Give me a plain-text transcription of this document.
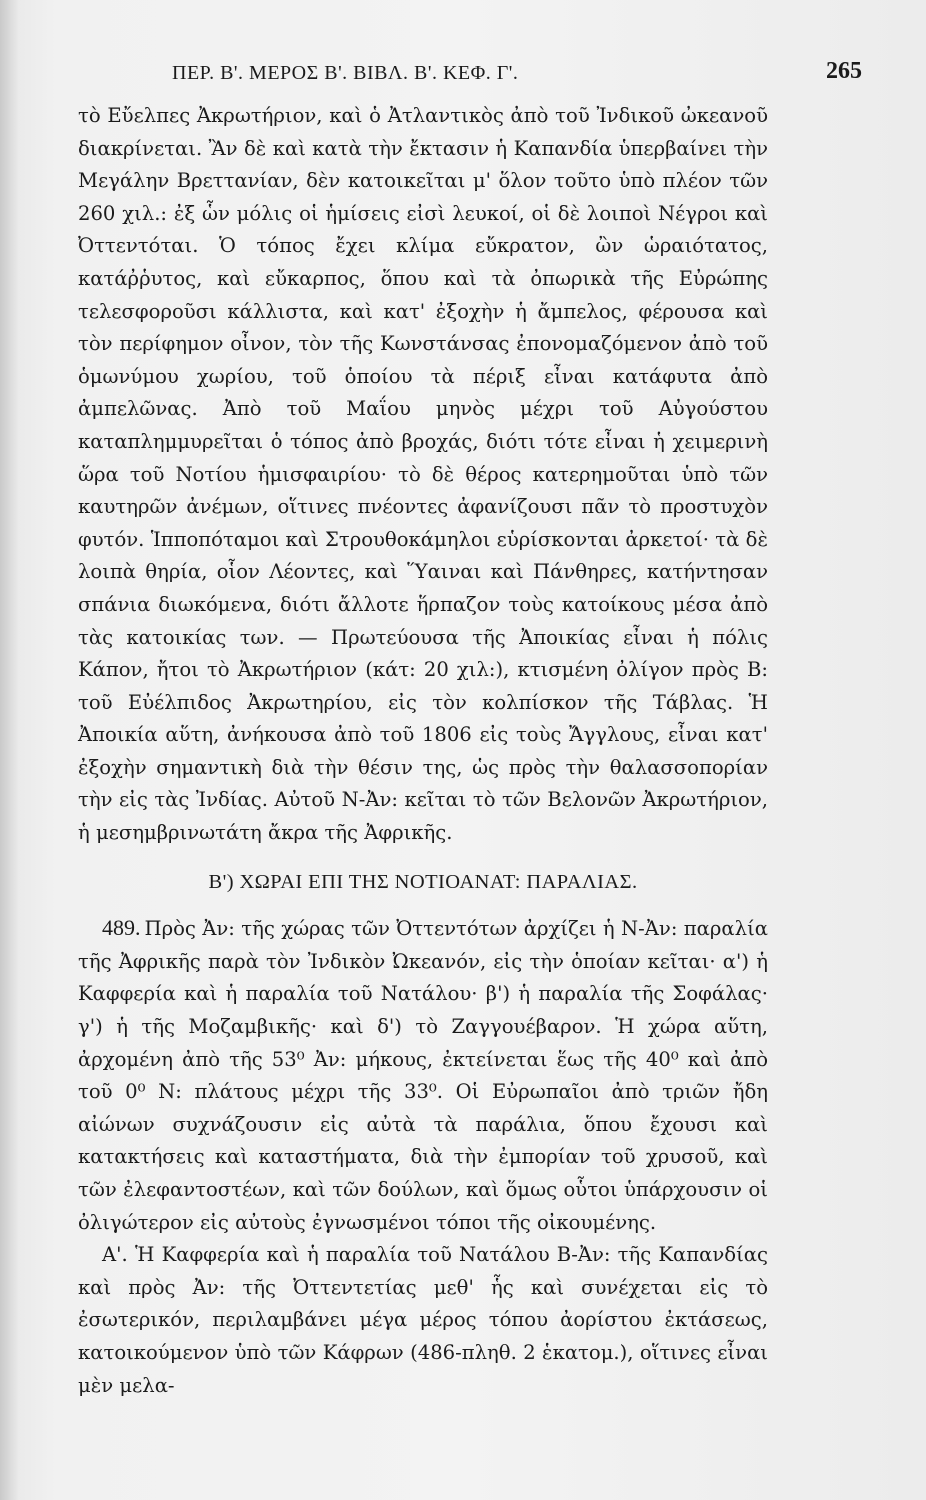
ΠΕΡ. Β'. ΜΕΡΟΣ Β'. ΒΙΒΛ. Β'. ΚΕΦ. Γ'.	265

τὸ Εὔελπες Ἀκρωτήριον, καὶ ὁ Ἀτλαντικὸς ἀπὸ τοῦ Ἰνδικοῦ ὠκεανοῦ διακρίνεται. Ἂν δὲ καὶ κατὰ τὴν ἔκτασιν ἡ Καπανδία ὑπερβαίνει τὴν Μεγάλην Βρεττανίαν, δὲν κατοικεῖται μ' ὅλον τοῦτο ὑπὸ πλέον τῶν 260 χιλ.: ἐξ ὧν μόλις οἱ ἡμίσεις εἰσὶ λευκοί, οἱ δὲ λοιποὶ Νέγροι καὶ Ὀττεντόται. Ὁ τόπος ἔχει κλίμα εὔκρατον, ὢν ὡραιότατος, κατάῤῥυτος, καὶ εὔκαρπος, ὅπου καὶ τὰ ὀπωρικὰ τῆς Εὐρώπης τελεσφοροῦσι κάλλιστα, καὶ κατ' ἐξοχὴν ἡ ἄμπελος, φέρουσα καὶ τὸν περίφημον οἶνον, τὸν τῆς Κωνστάνσας ἐπονομαζόμενον ἀπὸ τοῦ ὁμωνύμου χωρίου, τοῦ ὁποίου τὰ πέριξ εἶναι κατάφυτα ἀπὸ ἀμπελῶνας. Ἀπὸ τοῦ Μαΐου μηνὸς μέχρι τοῦ Αὐγούστου καταπλημμυρεῖται ὁ τόπος ἀπὸ βροχάς, διότι τότε εἶναι ἡ χειμερινὴ ὥρα τοῦ Νοτίου ἡμισφαιρίου· τὸ δὲ θέρος κατερημοῦται ὑπὸ τῶν καυτηρῶν ἀνέμων, οἵτινες πνέοντες ἀφανίζουσι πᾶν τὸ προστυχὸν φυτόν. Ἱπποπόταμοι καὶ Στρουθοκάμηλοι εὑρίσκονται ἀρκετοί· τὰ δὲ λοιπὰ θηρία, οἷον Λέοντες, καὶ Ὕαιναι καὶ Πάνθηρες, κατήντησαν σπάνια διωκόμενα, διότι ἄλλοτε ἥρπαζον τοὺς κατοίκους μέσα ἀπὸ τὰς κατοικίας των. — Πρωτεύουσα τῆς Ἀποικίας εἶναι ἡ πόλις Κάπον, ἤτοι τὸ Ἀκρωτήριον (κάτ: 20 χιλ:), κτισμένη ὀλίγον πρὸς Β: τοῦ Εὐέλπιδος Ἀκρωτηρίου, εἰς τὸν κολπίσκον τῆς Τάβλας. Ἡ Ἀποικία αὕτη, ἀνήκουσα ἀπὸ τοῦ 1806 εἰς τοὺς Ἄγγλους, εἶναι κατ' ἐξοχὴν σημαντικὴ διὰ τὴν θέσιν της, ὡς πρὸς τὴν θαλασσοπορίαν τὴν εἰς τὰς Ἰνδίας. Αὐτοῦ Ν-Ἀν: κεῖται τὸ τῶν Βελονῶν Ἀκρωτήριον, ἡ μεσημβρινωτάτη ἄκρα τῆς Ἀφρικῆς.

Β') ΧΩΡΑΙ ΕΠΙ ΤΗΣ ΝΟΤΙΟΑΝΑΤ: ΠΑΡΑΛΙΑΣ.

489. Πρὸς Ἀν: τῆς χώρας τῶν Ὀττεντότων ἀρχίζει ἡ Ν-Ἀν: παραλία τῆς Ἀφρικῆς παρὰ τὸν Ἰνδικὸν Ὠκεανόν, εἰς τὴν ὁποίαν κεῖται· α') ἡ Καφφερία καὶ ἡ παραλία τοῦ Νατάλου· β') ἡ παραλία τῆς Σοφάλας· γ') ἡ τῆς Μοζαμβικῆς· καὶ δ') τὸ Ζαγγουέβαρον. Ἡ χώρα αὕτη, ἀρχομένη ἀπὸ τῆς 53⁰ Ἀν: μήκους, ἐκτείνεται ἕως τῆς 40⁰ καὶ ἀπὸ τοῦ 0⁰ Ν: πλάτους μέχρι τῆς 33⁰. Οἱ Εὐρωπαῖοι ἀπὸ τριῶν ἤδη αἰώνων συχνάζουσιν εἰς αὐτὰ τὰ παράλια, ὅπου ἔχουσι καὶ κατακτήσεις καὶ καταστήματα, διὰ τὴν ἐμπορίαν τοῦ χρυσοῦ, καὶ τῶν ἐλεφαντοστέων, καὶ τῶν δούλων, καὶ ὅμως οὗτοι ὑπάρχουσιν οἱ ὀλιγώτερον εἰς αὐτοὺς ἐγνωσμένοι τόποι τῆς οἰκουμένης.

Α'. Ἡ Καφφερία καὶ ἡ παραλία τοῦ Νατάλου Β-Ἀν: τῆς Καπανδίας καὶ πρὸς Ἀν: τῆς Ὀττεντετίας μεθ' ἧς καὶ συνέχεται εἰς τὸ ἐσωτερικόν, περιλαμβάνει μέγα μέρος τόπου ἀορίστου ἐκτάσεως, κατοικούμενον ὑπὸ τῶν Κάφρων (486-πληθ. 2 ἑκατομ.), οἵτινες εἶναι μὲν μελα-
